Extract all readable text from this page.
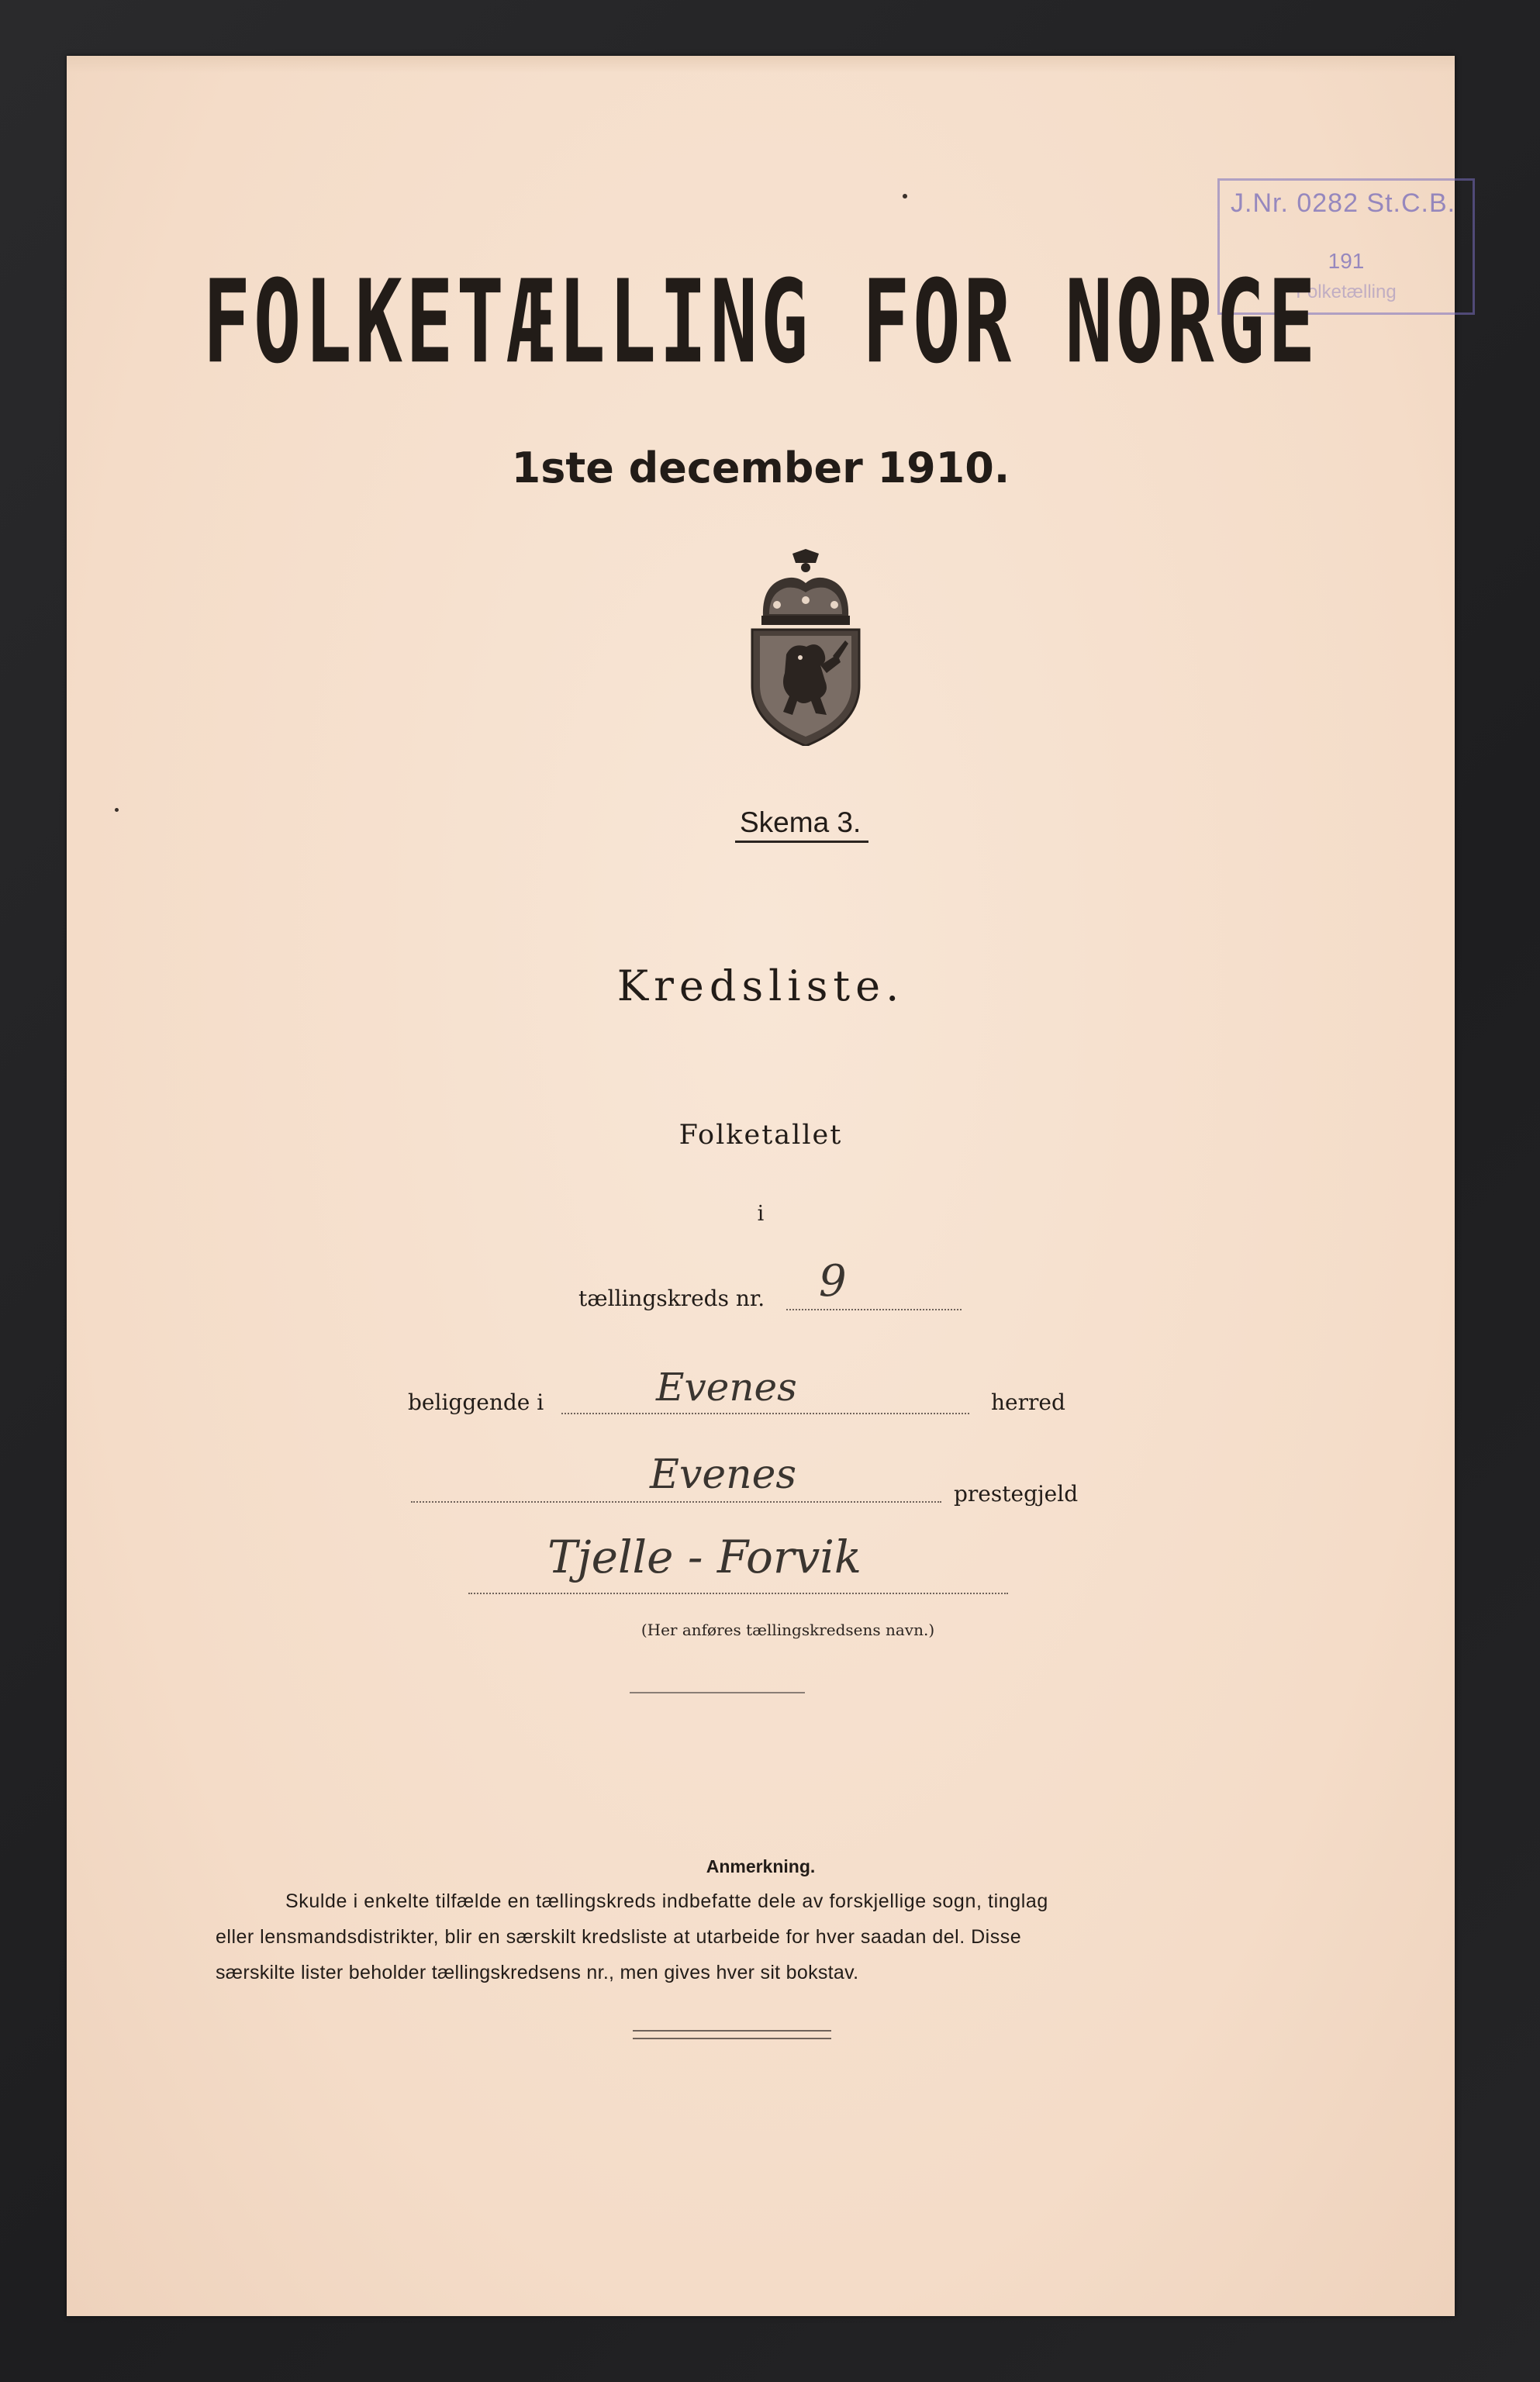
J.Nr. 0282 St.C.B.
191
Folketælling
FOLKETÆLLING FOR NORGE
1ste december 1910.
Skema 3.
Kredsliste.
Folketallet
i
tællingskreds nr. 9
beliggende i	Evenes	herred
Evenes	prestegjeld
Tjelle - Forvik
(Her anføres tællingskredsens navn.)
Anmerkning.
Skulde i enkelte tilfælde en tællingskreds indbefatte dele av forskjellige sogn, tinglag
eller lensmandsdistrikter, blir en særskilt kredsliste at utarbeide for hver saadan del. Disse
særskilte lister beholder tællingskredsens nr., men gives hver sit bokstav.
